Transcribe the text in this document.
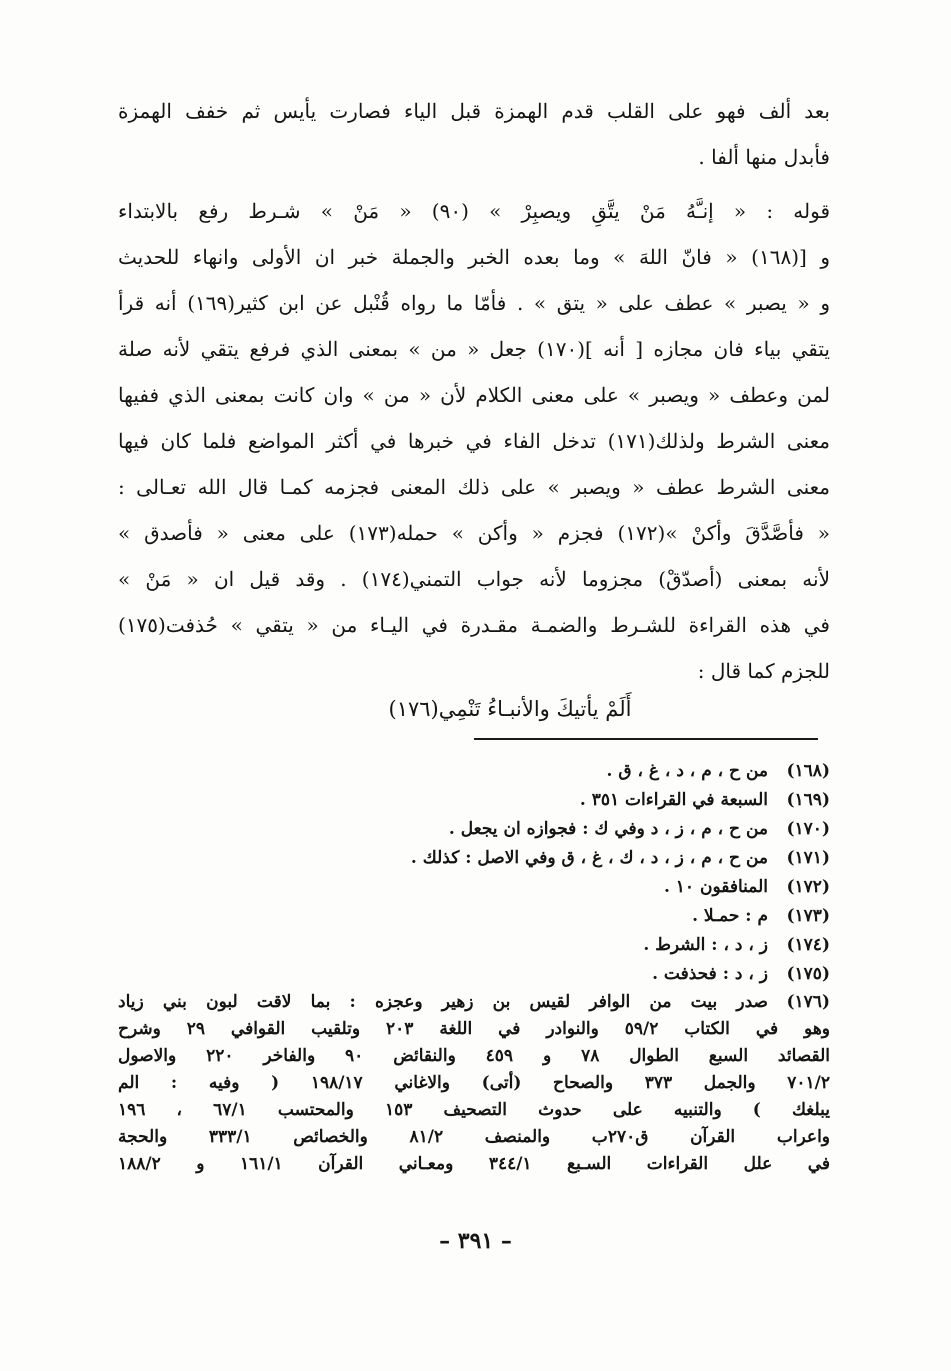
بعد ألف فهو على القلب قدم الهمزة قبل الياء فصارت يأيس ثم خفف الهمزة
فأبدل منها ألفا .
قوله : « إنـَّهُ مَنْ يتَّقِ ويصبِرْ » (٩٠) « مَنْ » شـرط رفع بالابتداء
و [(١٦٨) « فانّ اللهَ » وما بعده الخبر والجملة خبر ان الأولى وانهاء للحديث
و « يصبر » عطف على « يتق » . فأمّا ما رواه قُنْبل عن ابن كثير(١٦٩) أنه قرأ
يتقي بياء فان مجازه [ أنه ](١٧٠) جعل « من » بمعنى الذي فرفع يتقي لأنه صلة
لمن وعطف « ويصبر » على معنى الكلام لأن « من » وان كانت بمعنى الذي ففيها
معنى الشرط ولذلك(١٧١) تدخل الفاء في خبرها في أكثر المواضع فلما كان فيها
معنى الشرط عطف « ويصبر » على ذلك المعنى فجزمه كمـا قال الله تعـالى :
« فأصَّدَّقَ وأكنْ »(١٧٢) فجزم « وأكن » حمله(١٧٣) على معنى « فأصدق »
لأنه بمعنى (أصدّقْ) مجزوما لأنه جواب التمني(١٧٤) . وقد قيل ان « مَنْ »
في هذه القراءة للشـرط والضمـة مقـدرة في اليـاء من « يتقي » حُذفت(١٧٥)
للجزم كما قال :
أَلَمْ يأتيكَ والأنبـاءُ تَنْمِي(١٧٦)
(١٦٨)
من ح ، م ، د ، غ ، ق .
(١٦٩)
السبعة في القراءات ٣٥١ .
(١٧٠)
من ح ، م ، ز ، د وفي ك : فجوازه ان يجعل .
(١٧١)
من ح ، م ، ز ، د ، ك ، غ ، ق وفي الاصل : كذلك .
(١٧٢)
المنافقون ١٠ .
(١٧٣)
م : حمـلا .
(١٧٤)
ز ، د ، : الشرط .
(١٧٥)
ز ، د : فحذفت .
(١٧٦)
صدر بيت من الوافر لقيس بن زهير وعجزه : بما لاقت لبون بني زياد
وهو في الكتاب ٥٩/٢ والنوادر في اللغة ٢٠٣ وتلقيب القوافي ٢٩ وشرح
القصائد السبع الطوال ٧٨ و ٤٥٩ والنقائض ٩٠ والفاخر ٢٢٠ والاصول
٧٠١/٢ والجمل ٣٧٣ والصحاح (أتى) والاغاني ١٩٨/١٧ ( وفيه : الم
يبلغك ) والتنبيه على حدوث التصحيف ١٥٣ والمحتسب ٦٧/١ ، ١٩٦
واعراب القرآن ق٢٧٠ب والمنصف ٨١/٢ والخصائص ٣٣٣/١ والحجة
في علل القراءات السـبع ٣٤٤/١ ومعـاني القرآن ١٦١/١ و ١٨٨/٢
– ٣٩١ –
